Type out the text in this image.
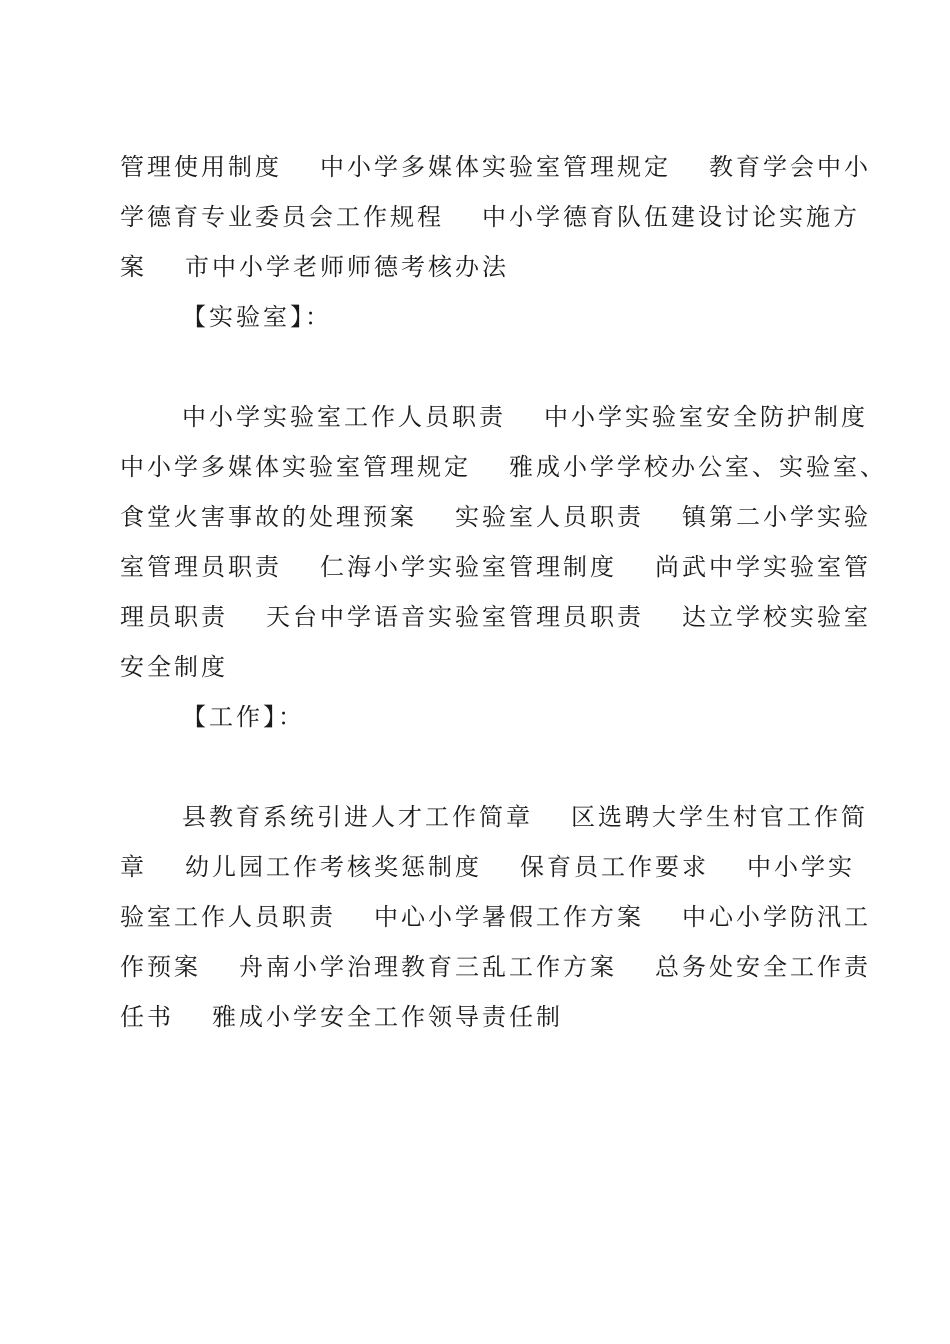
管理使用制度 中小学多媒体实验室管理规定 教育学会中小
学德育专业委员会工作规程 中小学德育队伍建设讨论实施方
案 市中小学老师师德考核办法
【实验室】：
中小学实验室工作人员职责 中小学实验室安全防护制度
中小学多媒体实验室管理规定 雅成小学学校办公室、实验室、
食堂火害事故的处理预案 实验室人员职责 镇第二小学实验
室管理员职责 仁海小学实验室管理制度 尚武中学实验室管
理员职责 天台中学语音实验室管理员职责 达立学校实验室
安全制度
【工作】：
县教育系统引进人才工作简章 区选聘大学生村官工作简
章 幼儿园工作考核奖惩制度 保育员工作要求 中小学实
验室工作人员职责 中心小学暑假工作方案 中心小学防汛工
作预案 舟南小学治理教育三乱工作方案 总务处安全工作责
任书 雅成小学安全工作领导责任制
